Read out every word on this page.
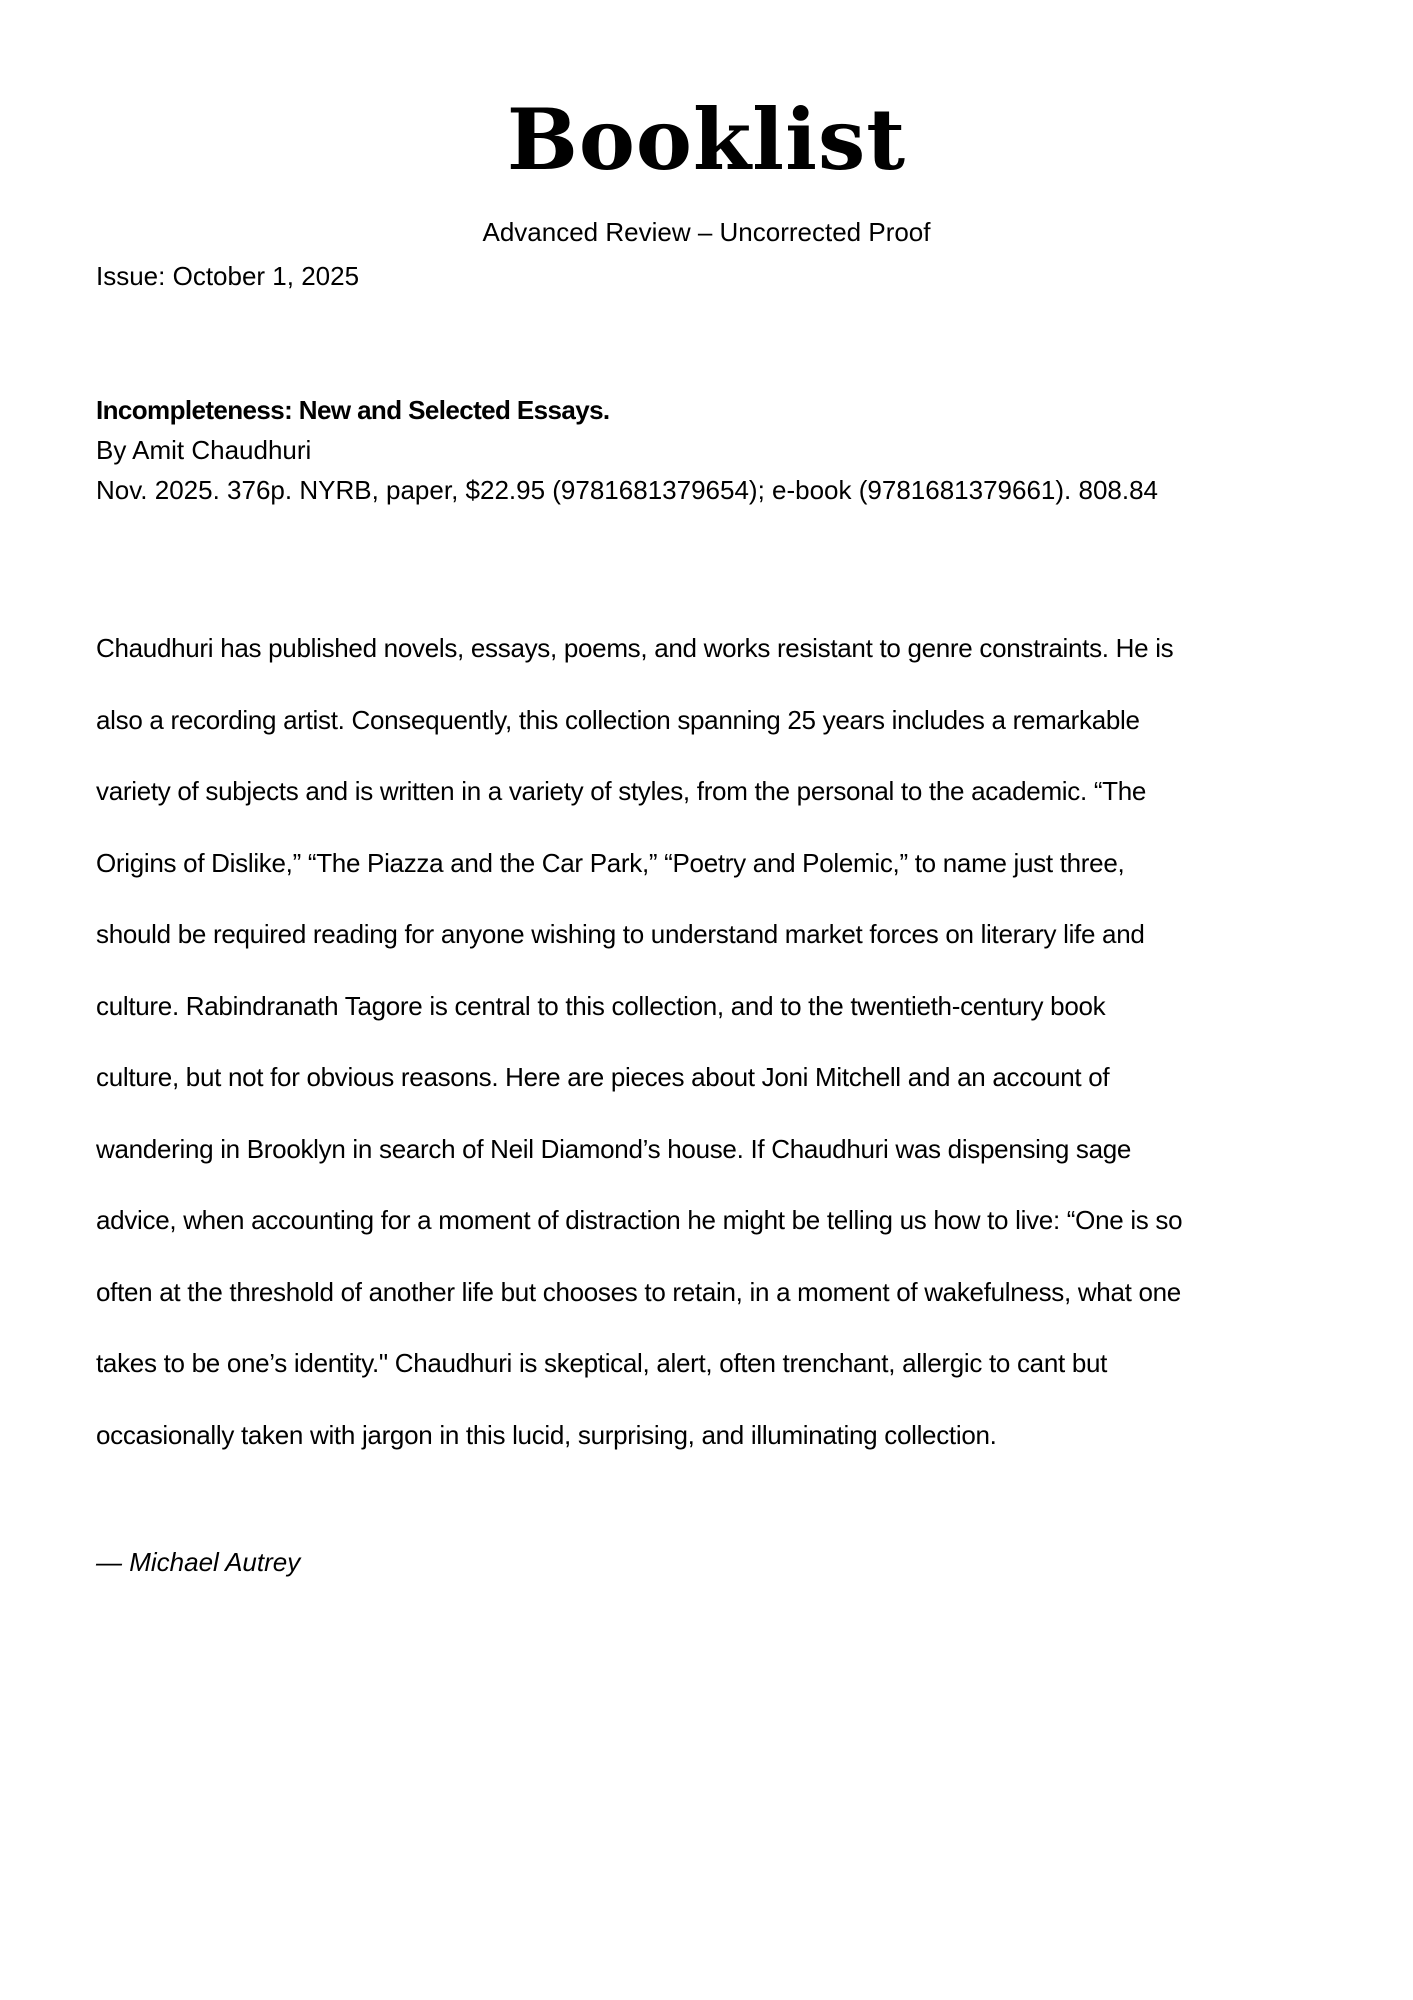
Booklist
Advanced Review – Uncorrected Proof
Issue: October 1, 2025
Incompleteness: New and Selected Essays.
By Amit Chaudhuri
Nov. 2025. 376p. NYRB, paper, $22.95 (9781681379654); e-book (9781681379661). 808.84
Chaudhuri has published novels, essays, poems, and works resistant to genre constraints. He is
also a recording artist. Consequently, this collection spanning 25 years includes a remarkable
variety of subjects and is written in a variety of styles, from the personal to the academic. “The
Origins of Dislike,” “The Piazza and the Car Park,” “Poetry and Polemic,” to name just three,
should be required reading for anyone wishing to understand market forces on literary life and
culture. Rabindranath Tagore is central to this collection, and to the twentieth-century book
culture, but not for obvious reasons. Here are pieces about Joni Mitchell and an account of
wandering in Brooklyn in search of Neil Diamond’s house. If Chaudhuri was dispensing sage
advice, when accounting for a moment of distraction he might be telling us how to live: “One is so
often at the threshold of another life but chooses to retain, in a moment of wakefulness, what one
takes to be one’s identity." Chaudhuri is skeptical, alert, often trenchant, allergic to cant but
occasionally taken with jargon in this lucid, surprising, and illuminating collection.
— Michael Autrey
